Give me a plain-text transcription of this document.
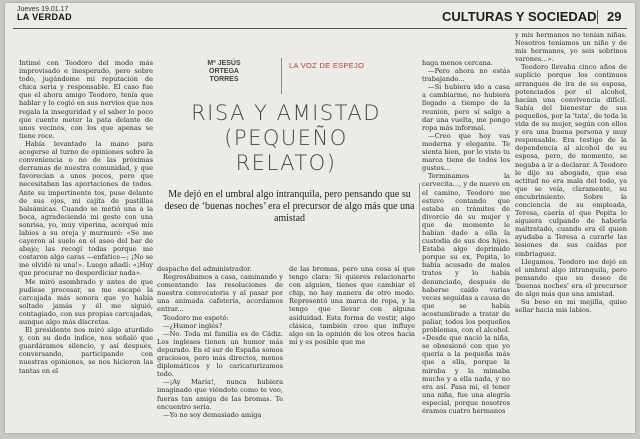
Jueves 19.01.17
LA VERDAD	CULTURAS Y SOCIEDAD 29

Intimé con Teodoro del modo más improvisado e inesperado, pero sobre todo, jugándome mi reputación de chica seria y responsable. El caso fue que el ahora amigo Teodoro, tenía que hablar y lo cogió en sus nervios que nos regala la inseguridad y el saber lo poco que cuente meter la pata delante de unos vecinos, con los que apenas se tiene roce.

Había levantado la mano para acogerse al turno de opiniones sobre la conveniencia o no de las próximas derramas de nuestra comunidad, y que favorecían a unos pocos, pero que necesitaban las aportaciones de todos. Ante su impertinente tos, puse delante de sus ojos, mi cajita de pastillas balsámicas. Cuando se metió una a la boca, agradeciendo mi gesto con una sonrisa, yo, muy viperina, acerqué mis labios a su oreja y murmuré: «Se me cayeron al suelo en el aseo del bar de abajo; las recogí todas porque me costaron algo caras —enfatice—; ¡No se me olvidó ni una!». Luego añadí: «¡Hay que procurar no desperdiciar nada».

Me miró asombrado y antes de que pudiese procesar, se me escapó la carcajada más sonora que yo había soltado jamás y él me siguió, contagiado, con sus propias carcajadas, aunque algo más discretas.

El presidente nos miró algo aturdido y, con su dedo índice, nos señaló que guardáramos silencio, y así después, conversando, participando con nuestras opiniones, se nos hicieron las tantas en el

Mª JESÚS
ORTEGA
TORRES
LA VOZ DE ESPEJO
RISA Y AMISTAD
(PEQUEÑO
RELATO)
Me dejó en el umbral algo intranquila, pero pensando que su deseo de ‘buenas noches’ era el precursor de algo más que una amistad

despacho del administrador.

Regresábamos a casa, caminando y comentando las resoluciones de nuestra convocatoria y al pasar por una animada cafetería, acordamos entrar...

Teodoro me espetó:

—¿Humor inglés?

—No. Toda mi familia es de Cádiz. Los ingleses tienen un humor más depurado. En el sur de España somos graciosos, pero más directos, menos diplomáticos y lo caricaturizamos todo.

—¡Ay María!, nunca hubiera imaginado que viéndote como te veo, fueras tan amiga de las bromas. Te encuentro seria.

—Yo no soy demasiado amiga

de las bromas, pero una cosa sí que tengo clara: Si quieres relacionarte con alguien, tienes que cambiar el chip, no hay manera de otro modo. Representó una marca de ropa, y la tengo que llevar con alguna asiduidad. Esta forma de vestir, algo clásica, también creo que influye algo en la opinión de los otros hacia mí y es posible que me

haga menos cercana.

—Pero ahora no estás trabajando...

—Si hubiera ido a casa a cambiarme, no hubiera llegado a tiempo de la reunión, pero sí salgo a dar una vuelta, me pongo ropa más informal.

—Creo que hoy vas moderna y elegante. Te sienta bien, por lo visto tu marca tiene de todos los gustos...

Terminamos la cervecita..., y de nuevo en el camino, Teodoro me estuvo contando que estaba en trámites de divorcio de su mujer y que de momento le habían dado a ella la custodia de sus dos hijos. Estaba algo deprimido porque su ex, Pepita, lo había acusado de malos tratos y lo había denunciado, después de haberse caído varias veces seguidas a causa de que se había acostumbrado a tratar de paliar, todos los pequeños problemas, con el alcohol. «Desde que nació la niña, se obsesionó con que yo quería a la pequeña más que a ella, porque la miraba y la mimaba mucho y a ella nada, y no era así. Pasa mi, el tener una niña, fue una alegría especial, porque nosotros éramos cuatro hermanos

y mis hermanos no tenían niñas. Nosotros teníamos un niño y de mis hermanos, yo seis sobrinos varones...».

Teodoro llevaba cinco años de suplicio porque los continuos arranques de ira de su esposa, potenciados por el alcohol, hacían una convivencia difícil. Sabía del bienestar de sus pequeños, por la 'tata', de toda la vida de su mujer, según con ellos y era una buena persona y muy responsable. Era testigo de la dependencia al alcohol de su esposa, pero, de momento, se negaba a ir a declarar. A Teodoro le dijo su abogado, que esa actitud no era mala del todo, ya que se veía, claramente, su encubrimiento. Sobre la conciencia de su empleada, Teresa, caería el que Pepita lo siguiera culpando de haberla maltratado, cuando era él quien ayudaba a Teresa a curarle las lesiones de sus caídas por embriaguez.

Llegamos. Teodoro me dejó en el umbral algo intranquila, pero pensando que su deseo de 'buenas noches' era el precursor de algo más que una amistad.

Su beso en mi mejilla, quiso sellar hacia mis labios.
